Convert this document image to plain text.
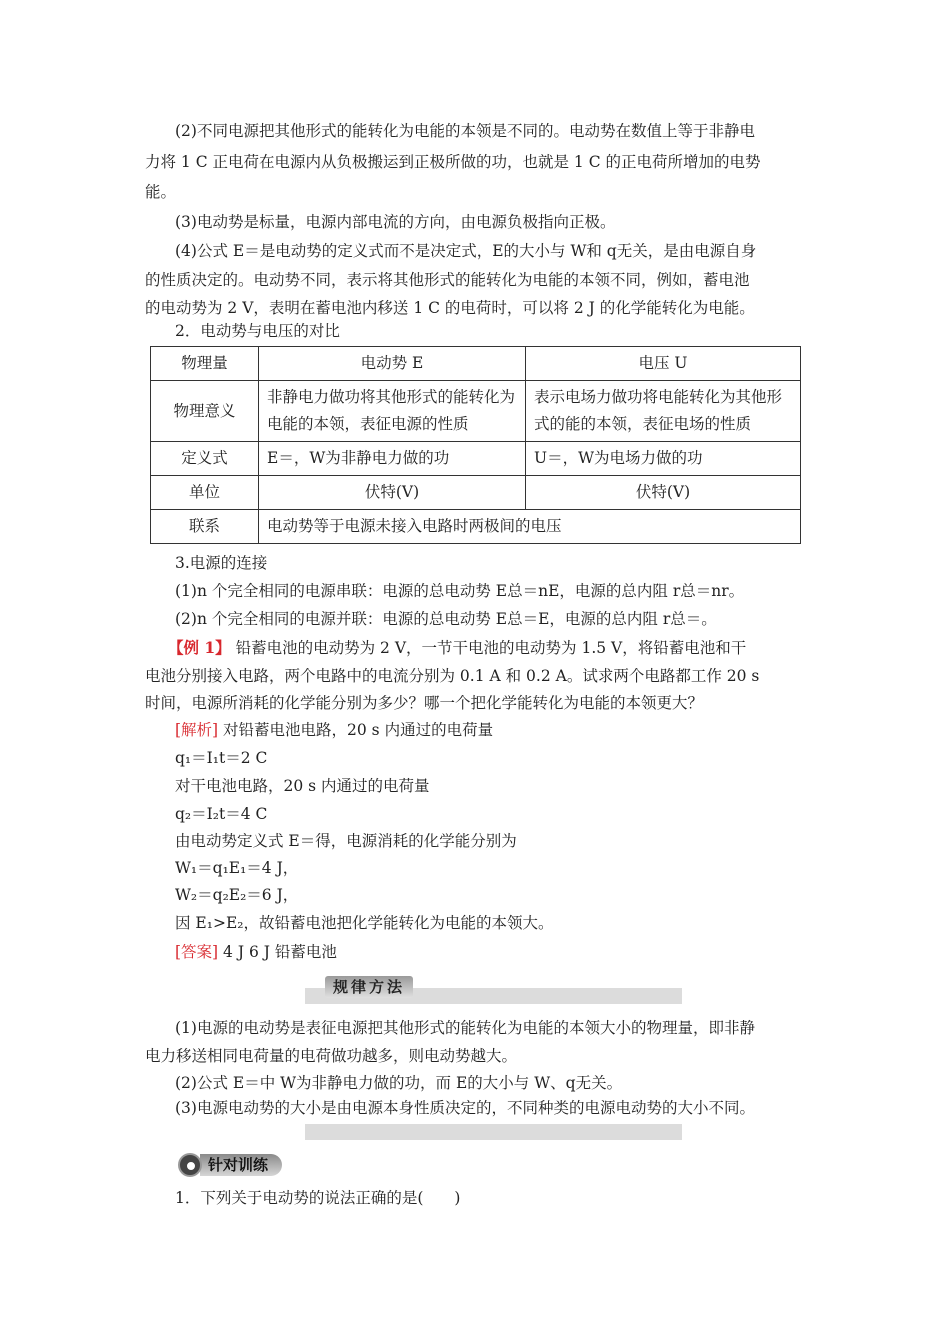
(2)不同电源把其他形式的能转化为电能的本领是不同的。电动势在数值上等于非静电
力将 1 C 正电荷在电源内从负极搬运到正极所做的功，也就是 1 C 的正电荷所增加的电势
能。
(3)电动势是标量，电源内部电流的方向，由电源负极指向正极。
(4)公式 E＝是电动势的定义式而不是决定式，E的大小与 W和 q无关，是由电源自身
的性质决定的。电动势不同，表示将其他形式的能转化为电能的本领不同，例如，蓄电池
的电动势为 2 V，表明在蓄电池内移送 1 C 的电荷时，可以将 2 J 的化学能转化为电能。
2．电动势与电压的对比
物理量	电动势 E	电压 U
物理意义	非静电力做功将其他形式的能转化为电能的本领，表征电源的性质	表示电场力做功将电能转化为其他形式的能的本领，表征电场的性质
定义式	E＝，W为非静电力做的功	U＝，W为电场力做的功
单位	伏特(V)	伏特(V)
联系	电动势等于电源未接入电路时两极间的电压	
3.电源的连接
(1)n 个完全相同的电源串联：电源的总电动势 E总＝nE，电源的总内阻 r总＝nr。
(2)n 个完全相同的电源并联：电源的总电动势 E总＝E，电源的总内阻 r总＝。
【例 1】 铅蓄电池的电动势为 2 V，一节干电池的电动势为 1.5 V，将铅蓄电池和干
电池分别接入电路，两个电路中的电流分别为 0.1 A 和 0.2 A。试求两个电路都工作 20 s
时间，电源所消耗的化学能分别为多少？哪一个把化学能转化为电能的本领更大？
[解析] 对铅蓄电池电路，20 s 内通过的电荷量
q₁＝I₁t＝2 C
对干电池电路，20 s 内通过的电荷量
q₂＝I₂t＝4 C
由电动势定义式 E＝得，电源消耗的化学能分别为
W₁＝q₁E₁＝4 J，
W₂＝q₂E₂＝6 J，
因 E₁>E₂，故铅蓄电池把化学能转化为电能的本领大。
[答案] 4 J 6 J 铅蓄电池
规律方法
(1)电源的电动势是表征电源把其他形式的能转化为电能的本领大小的物理量，即非静
电力移送相同电荷量的电荷做功越多，则电动势越大。
(2)公式 E＝中 W为非静电力做的功，而 E的大小与 W、q无关。
(3)电源电动势的大小是由电源本身性质决定的，不同种类的电源电动势的大小不同。
针对训练
1．下列关于电动势的说法正确的是(　　)
